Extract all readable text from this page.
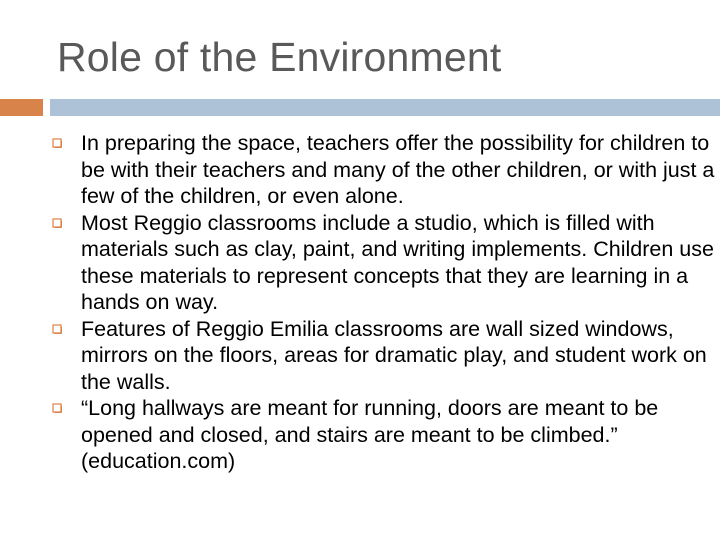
Role of the Environment
In preparing the space, teachers offer the possibility for children to be with their teachers and many of the other children, or with just a few of the children, or even alone.
Most Reggio classrooms include a studio, which is filled with materials such as clay, paint, and writing implements. Children use these materials to represent concepts that they are learning in a hands on way.
Features of Reggio Emilia classrooms are wall sized windows, mirrors on the floors, areas for dramatic play, and student work on the walls.
“Long hallways are meant for running, doors are meant to be opened and closed, and stairs are meant to be climbed.” (education.com)
